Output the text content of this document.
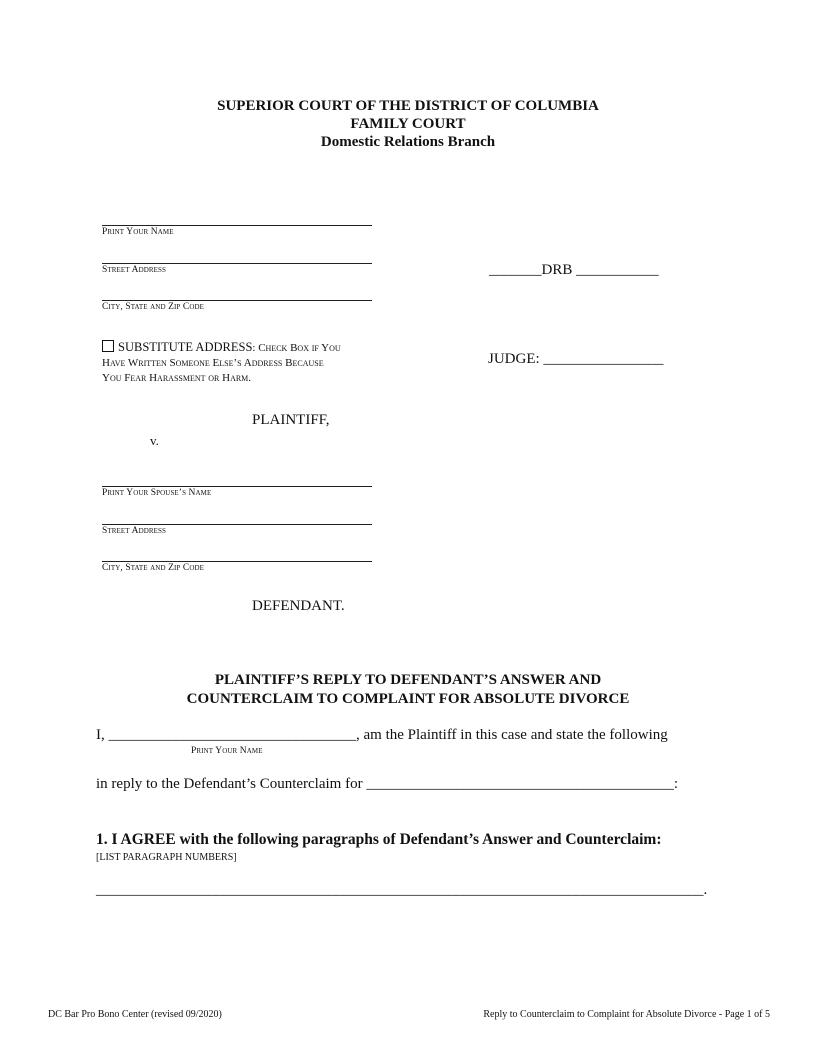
SUPERIOR COURT OF THE DISTRICT OF COLUMBIA
FAMILY COURT
Domestic Relations Branch
Print Your Name
Street Address
City, State and Zip Code
SUBSTITUTE ADDRESS: Check Box if You
Have Written Someone Else’s Address Because
You Fear Harassment or Harm.
PLAINTIFF,
v.
Print Your Spouse’s Name
Street Address
City, State and Zip Code
DEFENDANT.
_______DRB ___________
JUDGE: ________________
PLAINTIFF’S REPLY TO DEFENDANT’S ANSWER AND
COUNTERCLAIM TO COMPLAINT FOR ABSOLUTE DIVORCE
I, _________________________________, am the Plaintiff in this case and state the following
Print Your Name
in reply to the Defendant’s Counterclaim for _________________________________________:
1. I AGREE with the following paragraphs of Defendant’s Answer and Counterclaim:
[LIST PARAGRAPH NUMBERS]
_________________________________________________________________________________.
DC Bar Pro Bono Center (revised 09/2020)	Reply to Counterclaim to Complaint for Absolute Divorce - Page 1 of 5
